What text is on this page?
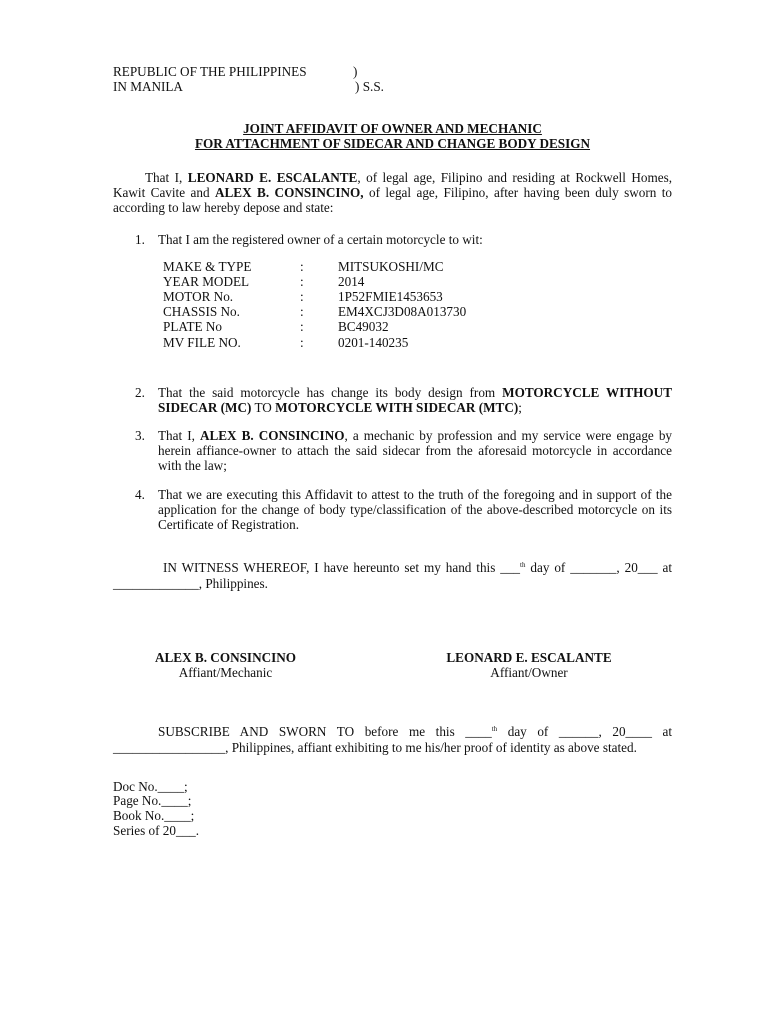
REPUBLIC OF THE PHILIPPINES	)
IN MANILA	) S.S.
JOINT AFFIDAVIT OF OWNER AND MECHANIC
FOR ATTACHMENT OF SIDECAR AND CHANGE BODY DESIGN
That I, LEONARD E. ESCALANTE, of legal age, Filipino and residing at Rockwell Homes, Kawit Cavite and ALEX B. CONSINCINO, of legal age, Filipino, after having been duly sworn to according to law hereby depose and state:
1. That I am the registered owner of a certain motorcycle to wit:
MAKE & TYPE	:	MITSUKOSHI/MC
YEAR MODEL	:	2014
MOTOR No.	:	1P52FMIE1453653
CHASSIS No.	:	EM4XCJ3D08A013730
PLATE No	:	BC49032
MV FILE NO.	:	0201-140235
2. That the said motorcycle has change its body design from MOTORCYCLE WITHOUT SIDECAR (MC) TO MOTORCYCLE WITH SIDECAR (MTC);
3. That I, ALEX B. CONSINCINO, a mechanic by profession and my service were engage by herein affiance-owner to attach the said sidecar from the aforesaid motorcycle in accordance with the law;
4. That we are executing this Affidavit to attest to the truth of the foregoing and in support of the application for the change of body type/classification of the above-described motorcycle on its Certificate of Registration.
IN WITNESS WHEREOF, I have hereunto set my hand this ___$^{th}$ day of _______, 20___ at _____________, Philippines.
ALEX B. CONSINCINO
Affiant/Mechanic
LEONARD E. ESCALANTE
Affiant/Owner
SUBSCRIBE AND SWORN TO before me this ____$^{th}$ day of ______, 20____ at _________________, Philippines, affiant exhibiting to me his/her proof of identity as above stated.
Doc No.____;
Page No.____;
Book No.____;
Series of 20___.
